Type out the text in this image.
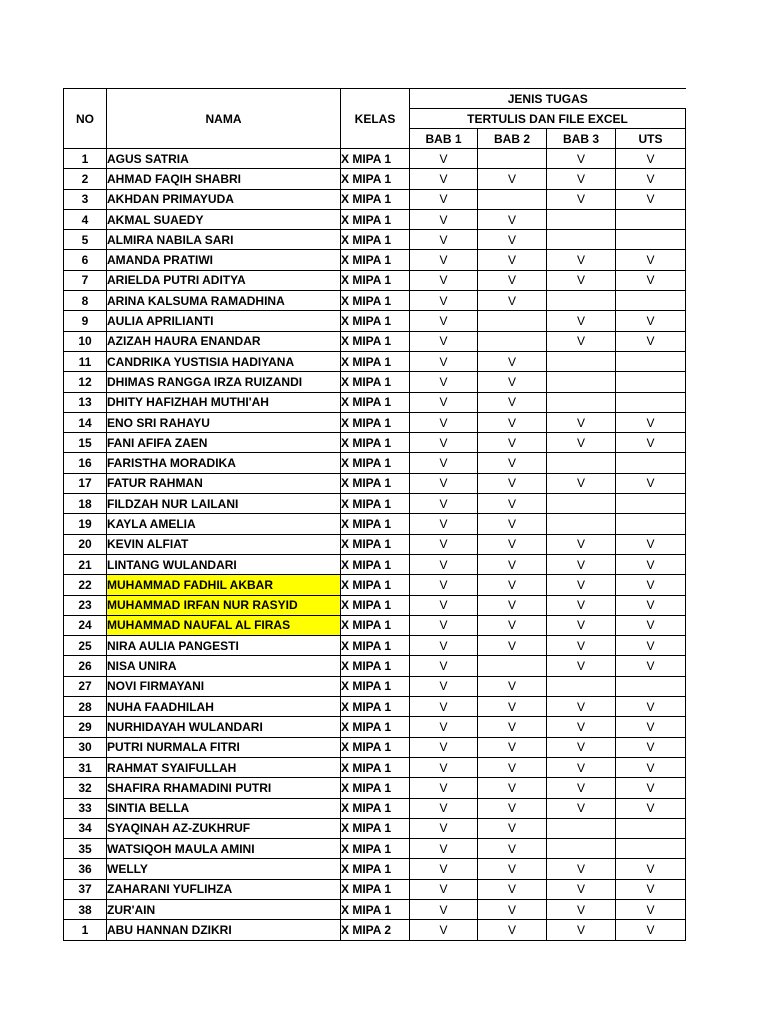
NO	NAMA	KELAS	JENIS TUGAS			
			TERTULIS DAN FILE EXCEL			
			BAB 1	BAB 2	BAB 3	UTS
1	AGUS SATRIA	X MIPA 1	V		V	V
2	AHMAD FAQIH SHABRI	X MIPA 1	V	V	V	V
3	AKHDAN PRIMAYUDA	X MIPA 1	V		V	V
4	AKMAL SUAEDY	X MIPA 1	V	V		
5	ALMIRA NABILA SARI	X MIPA 1	V	V		
6	AMANDA PRATIWI	X MIPA 1	V	V	V	V
7	ARIELDA PUTRI ADITYA	X MIPA 1	V	V	V	V
8	ARINA KALSUMA RAMADHINA	X MIPA 1	V	V		
9	AULIA APRILIANTI	X MIPA 1	V		V	V
10	AZIZAH HAURA ENANDAR	X MIPA 1	V		V	V
11	CANDRIKA YUSTISIA HADIYANA	X MIPA 1	V	V		
12	DHIMAS RANGGA IRZA RUIZANDI	X MIPA 1	V	V		
13	DHITY HAFIZHAH MUTHI'AH	X MIPA 1	V	V		
14	ENO SRI RAHAYU	X MIPA 1	V	V	V	V
15	FANI AFIFA ZAEN	X MIPA 1	V	V	V	V
16	FARISTHA MORADIKA	X MIPA 1	V	V		
17	FATUR RAHMAN	X MIPA 1	V	V	V	V
18	FILDZAH NUR LAILANI	X MIPA 1	V	V		
19	KAYLA AMELIA	X MIPA 1	V	V		
20	KEVIN ALFIAT	X MIPA 1	V	V	V	V
21	LINTANG WULANDARI	X MIPA 1	V	V	V	V
22	MUHAMMAD FADHIL AKBAR	X MIPA 1	V	V	V	V
23	MUHAMMAD IRFAN NUR RASYID	X MIPA 1	V	V	V	V
24	MUHAMMAD NAUFAL AL FIRAS	X MIPA 1	V	V	V	V
25	NIRA AULIA PANGESTI	X MIPA 1	V	V	V	V
26	NISA UNIRA	X MIPA 1	V		V	V
27	NOVI FIRMAYANI	X MIPA 1	V	V		
28	NUHA FAADHILAH	X MIPA 1	V	V	V	V
29	NURHIDAYAH WULANDARI	X MIPA 1	V	V	V	V
30	PUTRI NURMALA FITRI	X MIPA 1	V	V	V	V
31	RAHMAT SYAIFULLAH	X MIPA 1	V	V	V	V
32	SHAFIRA RHAMADINI PUTRI	X MIPA 1	V	V	V	V
33	SINTIA BELLA	X MIPA 1	V	V	V	V
34	SYAQINAH AZ-ZUKHRUF	X MIPA 1	V	V		
35	WATSIQOH MAULA AMINI	X MIPA 1	V	V		
36	WELLY	X MIPA 1	V	V	V	V
37	ZAHARANI YUFLIHZA	X MIPA 1	V	V	V	V
38	ZUR'AIN	X MIPA 1	V	V	V	V
1	ABU HANNAN DZIKRI	X MIPA 2	V	V	V	V
